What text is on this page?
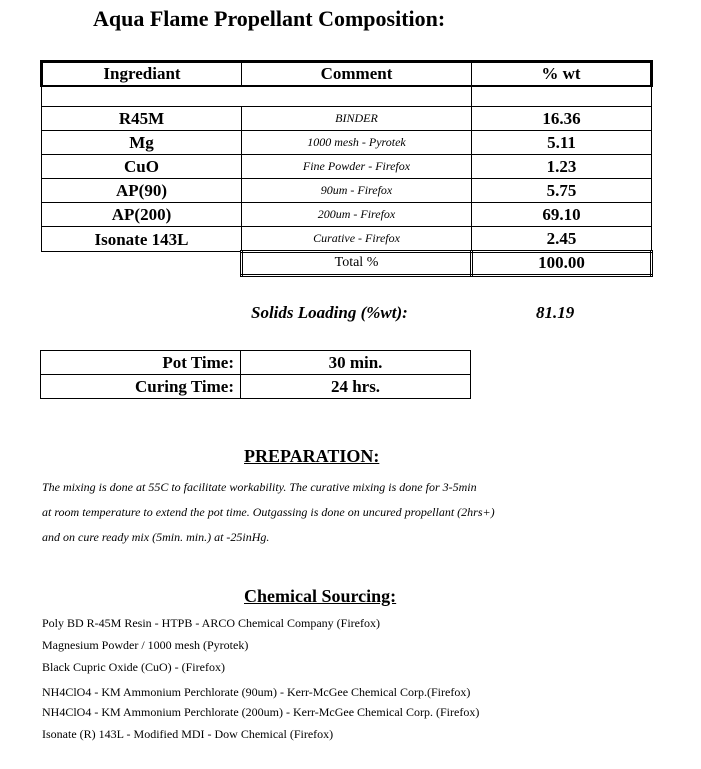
Aqua Flame Propellant Composition:
Ingrediant	Comment	% wt

R45M	BINDER	16.36
Mg	1000 mesh - Pyrotek	5.11
CuO	Fine Powder - Firefox	1.23
AP(90)	90um - Firefox	5.75
AP(200)	200um - Firefox	69.10
Isonate 143L	Curative - Firefox	2.45
	Total %	100.00
Solids Loading (%wt):	81.19
Pot Time:	30 min.
Curing Time:	24 hrs.
PREPARATION:
The mixing is done at 55C to facilitate workability. The curative mixing is done for 3-5min
at room temperature to extend the pot time. Outgassing is done on uncured propellant (2hrs+)
and on cure ready mix (5min. min.) at -25inHg.
Chemical Sourcing:
Poly BD R-45M Resin - HTPB - ARCO Chemical Company (Firefox)
Magnesium Powder / 1000 mesh (Pyrotek)
Black Cupric Oxide (CuO) - (Firefox)
NH4ClO4 - KM Ammonium Perchlorate (90um) - Kerr-McGee Chemical Corp.(Firefox)
NH4ClO4 - KM Ammonium Perchlorate (200um) - Kerr-McGee Chemical Corp. (Firefox)
Isonate (R) 143L - Modified MDI - Dow Chemical (Firefox)
